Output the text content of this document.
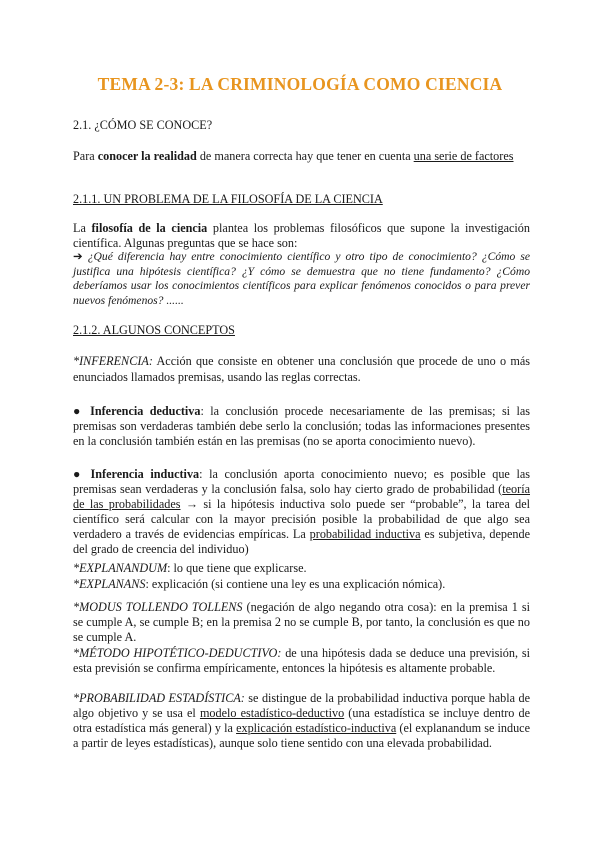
TEMA 2-3: LA CRIMINOLOGÍA COMO CIENCIA
2.1. ¿CÓMO SE CONOCE?
Para conocer la realidad de manera correcta hay que tener en cuenta una serie de factores
2.1.1. UN PROBLEMA DE LA FILOSOFÍA DE LA CIENCIA
La filosofía de la ciencia plantea los problemas filosóficos que supone la investigación científica. Algunas preguntas que se hace son:
➔ ¿Qué diferencia hay entre conocimiento científico y otro tipo de conocimiento? ¿Cómo se justifica una hipótesis científica? ¿Y cómo se demuestra que no tiene fundamento? ¿Cómo deberíamos usar los conocimientos científicos para explicar fenómenos conocidos o para prever nuevos fenómenos? ......
2.1.2. ALGUNOS CONCEPTOS
*INFERENCIA: Acción que consiste en obtener una conclusión que procede de uno o más enunciados llamados premisas, usando las reglas correctas.
● Inferencia deductiva: la conclusión procede necesariamente de las premisas; si las premisas son verdaderas también debe serlo la conclusión; todas las informaciones presentes en la conclusión también están en las premisas (no se aporta conocimiento nuevo).
● Inferencia inductiva: la conclusión aporta conocimiento nuevo; es posible que las premisas sean verdaderas y la conclusión falsa, solo hay cierto grado de probabilidad (teoría de las probabilidades → si la hipótesis inductiva solo puede ser “probable”, la tarea del científico será calcular con la mayor precisión posible la probabilidad de que algo sea verdadero a través de evidencias empíricas. La probabilidad inductiva es subjetiva, depende del grado de creencia del individuo)
*EXPLANANDUM: lo que tiene que explicarse.
*EXPLANANS: explicación (si contiene una ley es una explicación nómica).
*MODUS TOLLENDO TOLLENS (negación de algo negando otra cosa): en la premisa 1 si se cumple A, se cumple B; en la premisa 2 no se cumple B, por tanto, la conclusión es que no se cumple A.
*MÉTODO HIPOTÉTICO-DEDUCTIVO: de una hipótesis dada se deduce una previsión, si esta previsión se confirma empíricamente, entonces la hipótesis es altamente probable.
*PROBABILIDAD ESTADÍSTICA: se distingue de la probabilidad inductiva porque habla de algo objetivo y se usa el modelo estadístico-deductivo (una estadística se incluye dentro de otra estadística más general) y la explicación estadístico-inductiva (el explanandum se induce a partir de leyes estadísticas), aunque solo tiene sentido con una elevada probabilidad.
